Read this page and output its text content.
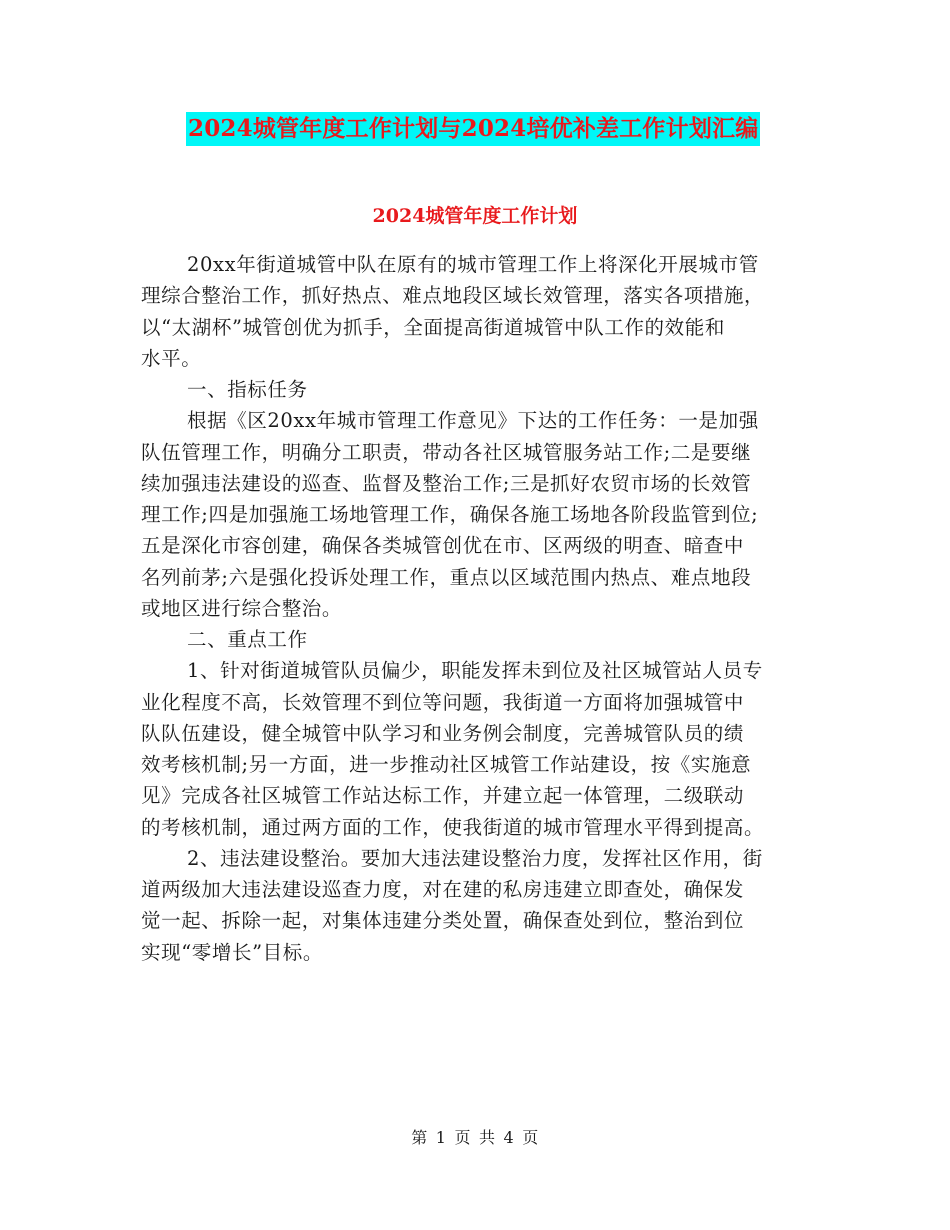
2024城管年度工作计划与2024培优补差工作计划汇编
2024城管年度工作计划
20xx年街道城管中队在原有的城市管理工作上将深化开展城市管
理综合整治工作，抓好热点、难点地段区域长效管理，落实各项措施，
以“太湖杯”城管创优为抓手，全面提高街道城管中队工作的效能和
水平。
一、指标任务
根据《区20xx年城市管理工作意见》下达的工作任务：一是加强
队伍管理工作，明确分工职责，带动各社区城管服务站工作;二是要继
续加强违法建设的巡查、监督及整治工作;三是抓好农贸市场的长效管
理工作;四是加强施工场地管理工作，确保各施工场地各阶段监管到位;
五是深化市容创建，确保各类城管创优在市、区两级的明查、暗查中
名列前茅;六是强化投诉处理工作，重点以区域范围内热点、难点地段
或地区进行综合整治。
二、重点工作
1、针对街道城管队员偏少，职能发挥未到位及社区城管站人员专
业化程度不高，长效管理不到位等问题，我街道一方面将加强城管中
队队伍建设，健全城管中队学习和业务例会制度，完善城管队员的绩
效考核机制;另一方面，进一步推动社区城管工作站建设，按《实施意
见》完成各社区城管工作站达标工作，并建立起一体管理，二级联动
的考核机制，通过两方面的工作，使我街道的城市管理水平得到提高。
2、违法建设整治。要加大违法建设整治力度，发挥社区作用，街
道两级加大违法建设巡查力度，对在建的私房违建立即查处，确保发
觉一起、拆除一起，对集体违建分类处置，确保查处到位，整治到位
实现“零增长”目标。
第 1 页 共 4 页
